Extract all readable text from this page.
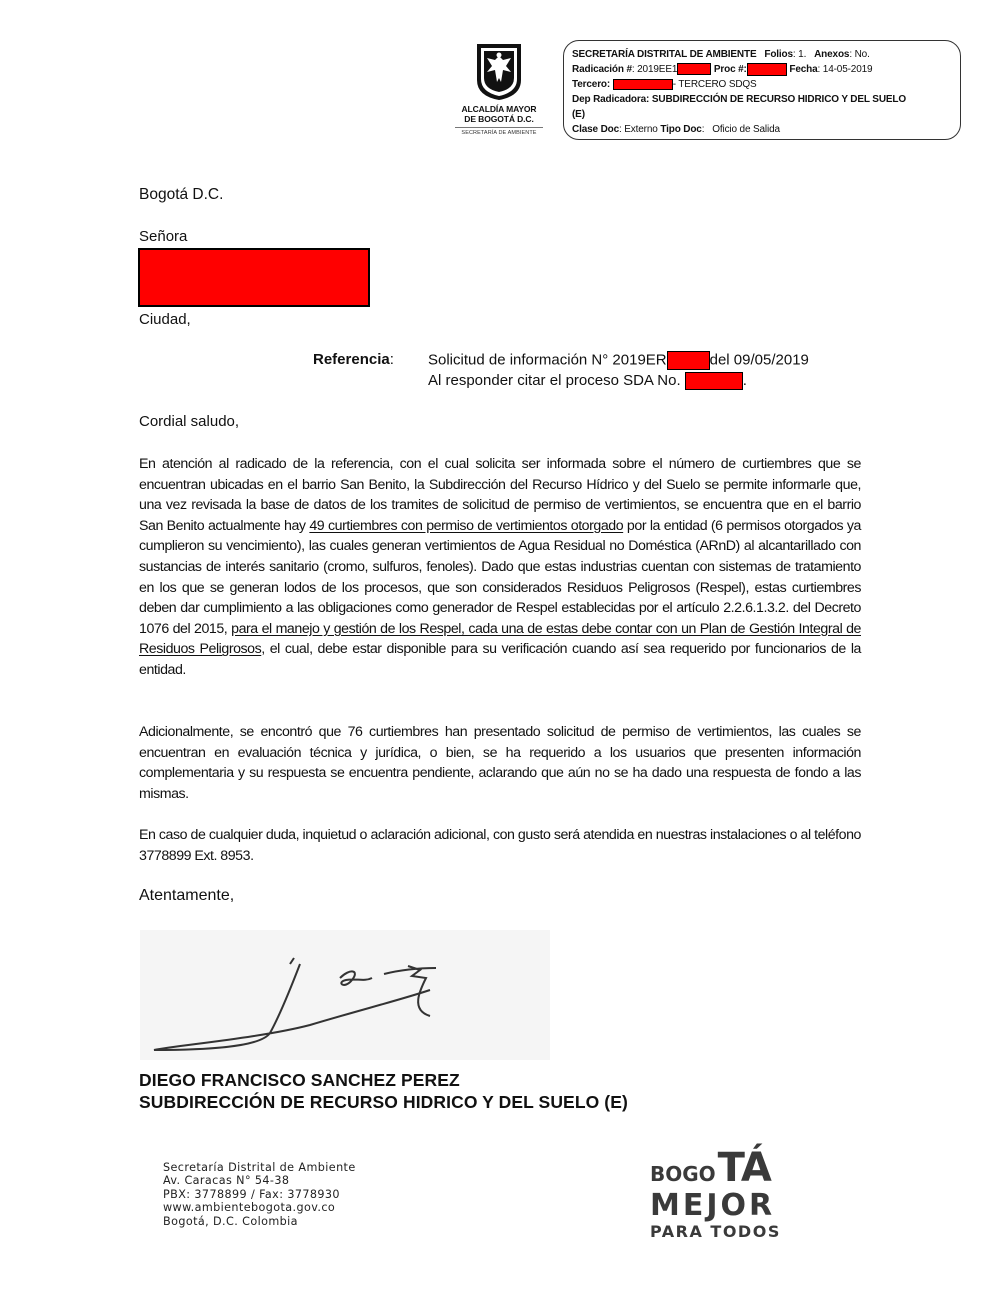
ALCALDÍA MAYOR
DE BOGOTÁ D.C.
SECRETARÍA DE AMBIENTE
SECRETARÍA DISTRITAL DE AMBIENTE Folios: 1. Anexos: No.
Radicación #: 2019EE1	Proc #:	Fecha: 14-05-2019
Tercero:	- TERCERO SDQS
Dep Radicadora: SUBDIRECCIÓN DE RECURSO HIDRICO Y DEL SUELO
(E)
Clase Doc: Externo Tipo Doc:   Oficio de Salida
Bogotá D.C.
Señora
Ciudad,
Referencia: Solicitud de información N° 2019ER	del 09/05/2019
Al responder citar el proceso SDA No.	.
Cordial saludo,
En atención al radicado de la referencia, con el cual solicita ser informada sobre el número de curtiembres que se encuentran ubicadas en el barrio San Benito, la Subdirección del Recurso Hídrico y del Suelo se permite informarle que, una vez revisada la base de datos de los tramites de solicitud de permiso de vertimientos, se encuentra que en el barrio San Benito actualmente hay 49 curtiembres con permiso de vertimientos otorgado por la entidad (6 permisos otorgados ya cumplieron su vencimiento), las cuales generan vertimientos de Agua Residual no Doméstica (ARnD) al alcantarillado con sustancias de interés sanitario (cromo, sulfuros, fenoles). Dado que estas industrias cuentan con sistemas de tratamiento en los que se generan lodos de los procesos, que son considerados Residuos Peligrosos (Respel), estas curtiembres deben dar cumplimiento a las obligaciones como generador de Respel establecidas por el artículo 2.2.6.1.3.2. del Decreto 1076 del 2015, para el manejo y gestión de los Respel, cada una de estas debe contar con un Plan de Gestión Integral de Residuos Peligrosos, el cual, debe estar disponible para su verificación cuando así sea requerido por funcionarios de la entidad.
Adicionalmente, se encontró que 76 curtiembres han presentado solicitud de permiso de vertimientos, las cuales se encuentran en evaluación técnica y jurídica, o bien, se ha requerido a los usuarios que presenten información complementaria y su respuesta se encuentra pendiente, aclarando que aún no se ha dado una respuesta de fondo a las mismas.
En caso de cualquier duda, inquietud o aclaración adicional, con gusto será atendida en nuestras instalaciones o al teléfono 3778899 Ext. 8953.
Atentamente,
DIEGO FRANCISCO SANCHEZ PEREZ
SUBDIRECCIÓN DE RECURSO HIDRICO Y DEL SUELO (E)
Secretaría Distrital de Ambiente
Av. Caracas N° 54-38
PBX: 3778899 / Fax: 3778930
www.ambientebogota.gov.co
Bogotá, D.C. Colombia
BOGOTÁ
MEJOR
PARA TODOS
